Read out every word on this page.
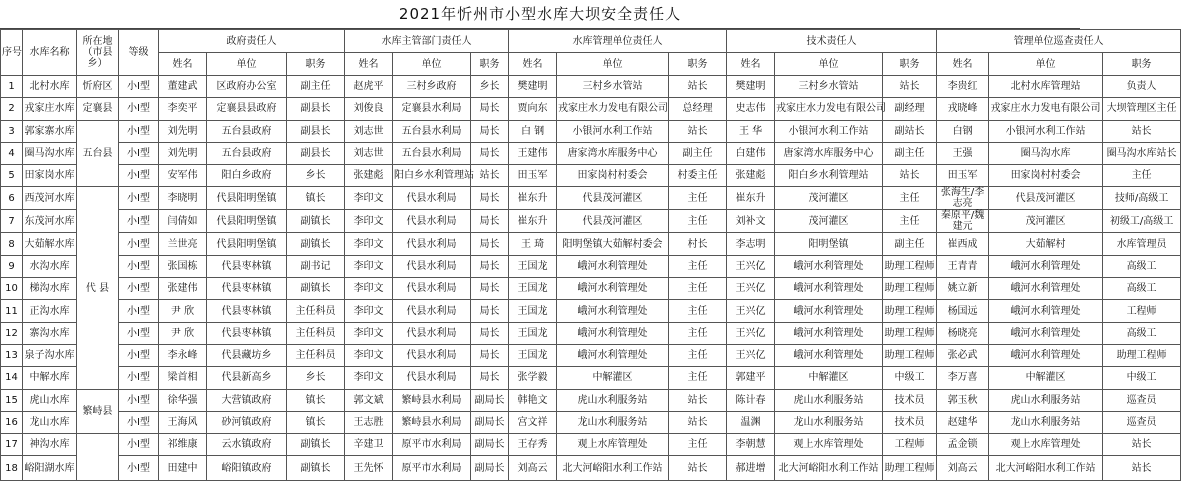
2021年忻州市小型水库大坝安全责任人
序号	水库名称	所在地（市县乡）	等级	政府责任人			水库主管部门责任人			水库管理单位责任人			技术责任人			管理单位巡查责任人		
				姓名	单位	职务	姓名	单位	职务	姓名	单位	职务	姓名	单位	职务	姓名	单位	职务
1	北村水库	忻府区	小Ⅰ型	董建武	区政府办公室	副主任	赵虎平	三村乡政府	乡长	樊建明	三村乡水管站	站长	樊建明	三村乡水管站	站长	李贵红	北村水库管理站	负责人
2	戎家庄水库	定襄县	小Ⅰ型	李奕平	定襄县县政府	副县长	刘俊良	定襄县水利局	局长	贾向东	戎家庄水力发电有限公司	总经理	史志伟	戎家庄水力发电有限公司	副经理	戎晓峰	戎家庄水力发电有限公司	大坝管理区主任
3	郭家寨水库	五台县	小Ⅰ型	刘先明	五台县政府	副县长	刘志世	五台县水利局	局长	白 钢	小银河水利工作站	站长	王 华	小银河水利工作站	副站长	白钢	小银河水利工作站	站长
4	圈马沟水库		小Ⅰ型	刘先明	五台县政府	副县长	刘志世	五台县水利局	局长	王建伟	唐家湾水库服务中心	副主任	白建伟	唐家湾水库服务中心	副主任	王强	圈马沟水库	圈马沟水库站长
5	田家岗水库		小Ⅰ型	安军伟	阳白乡政府	乡长	张建彪	阳白乡水利管理站	站长	田玉军	田家岗村村委会	村委主任	张建彪	阳白乡水利管理站	站长	田玉军	田家岗村村委会	主任
6	西茂河水库	代 县	小Ⅰ型	李晓明	代县阳明堡镇	镇长	李印文	代县水利局	局长	崔东升	代县茂河灌区	主任	崔东升	茂河灌区	主任	张海生/李志亮	代县茂河灌区	技师/高级工
7	东茂河水库		小Ⅰ型	闫倩如	代县阳明堡镇	副镇长	李印文	代县水利局	局长	崔东升	代县茂河灌区	主任	刘补文	茂河灌区	主任	秦原平/魏建元	茂河灌区	初级工/高级工
8	大茹解水库		小Ⅰ型	兰世亮	代县阳明堡镇	副镇长	李印文	代县水利局	局长	王 琦	阳明堡镇大茹解村委会	村长	李志明	阳明堡镇	副主任	崔西成	大茹解村	水库管理员
9	水沟水库		小Ⅰ型	张国栋	代县枣林镇	副书记	李印文	代县水利局	局长	王国龙	峨河水利管理处	主任	王兴亿	峨河水利管理处	助理工程师	王青青	峨河水利管理处	高级工
10	梯沟水库		小Ⅰ型	张建伟	代县枣林镇	副镇长	李印文	代县水利局	局长	王国龙	峨河水利管理处	主任	王兴亿	峨河水利管理处	助理工程师	姚立新	峨河水利管理处	高级工
11	正沟水库		小Ⅰ型	尹 欣	代县枣林镇	主任科员	李印文	代县水利局	局长	王国龙	峨河水利管理处	主任	王兴亿	峨河水利管理处	助理工程师	杨国远	峨河水利管理处	工程师
12	寨沟水库		小Ⅰ型	尹 欣	代县枣林镇	主任科员	李印文	代县水利局	局长	王国龙	峨河水利管理处	主任	王兴亿	峨河水利管理处	助理工程师	杨晓亮	峨河水利管理处	高级工
13	泉子沟水库		小Ⅰ型	李永峰	代县藏坊乡	主任科员	李印文	代县水利局	局长	王国龙	峨河水利管理处	主任	王兴亿	峨河水利管理处	助理工程师	张必武	峨河水利管理处	助理工程师
14	中解水库		小Ⅰ型	梁首相	代县新高乡	乡长	李印文	代县水利局	局长	张学毅	中解灌区	主任	郭建平	中解灌区	中级工	李万喜	中解灌区	中级工
15	虎山水库	繁峙县	小Ⅰ型	徐华强	大营镇政府	镇长	郭文斌	繁峙县水利局	副局长	韩艳文	虎山水利服务站	站长	陈计春	虎山水利服务站	技术员	郭玉秋	虎山水利服务站	巡查员
16	龙山水库		小Ⅰ型	王海风	砂河镇政府	镇长	王志胜	繁峙县水利局	副局长	宫文祥	龙山水利服务站	站长	温渊	龙山水利服务站	技术员	赵建华	龙山水利服务站	巡查员
17	神沟水库		小Ⅰ型	祁维康	云水镇政府	副镇长	辛建卫	原平市水利局	副局长	王存秀	观上水库管理处	主任	李朝慧	观上水库管理处	工程师	孟金锁	观上水库管理处	站长
18	峪阳湖水库		小Ⅰ型	田建中	峪阳镇政府	副镇长	王先怀	原平市水利局	副局长	刘高云	北大河峪阳水利工作站	站长	郝进增	北大河峪阳水利工作站	助理工程师	刘高云	北大河峪阳水利工作站	站长
